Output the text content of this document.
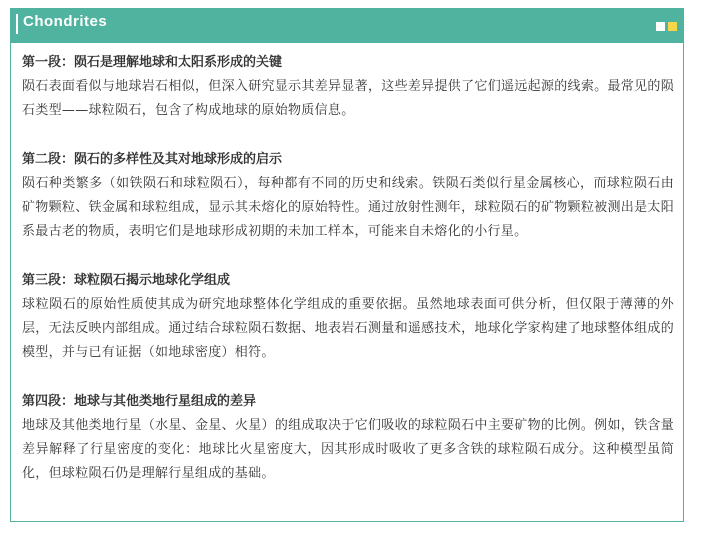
Chondrites

第一段：陨石是理解地球和太阳系形成的关键

陨石表面看似与地球岩石相似，但深入研究显示其差异显著，这些差异提供了它们遥远起源的线索。最常见的陨石类型——球粒陨石，包含了构成地球的原始物质信息。

第二段：陨石的多样性及其对地球形成的启示

陨石种类繁多（如铁陨石和球粒陨石），每种都有不同的历史和线索。铁陨石类似行星金属核心，而球粒陨石由矿物颗粒、铁金属和球粒组成，显示其未熔化的原始特性。通过放射性测年，球粒陨石的矿物颗粒被测出是太阳系最古老的物质，表明它们是地球形成初期的未加工样本，可能来自未熔化的小行星。

第三段：球粒陨石揭示地球化学组成

球粒陨石的原始性质使其成为研究地球整体化学组成的重要依据。虽然地球表面可供分析，但仅限于薄薄的外层，无法反映内部组成。通过结合球粒陨石数据、地表岩石测量和遥感技术，地球化学家构建了地球整体组成的模型，并与已有证据（如地球密度）相符。

第四段：地球与其他类地行星组成的差异

地球及其他类地行星（水星、金星、火星）的组成取决于它们吸收的球粒陨石中主要矿物的比例。例如，铁含量差异解释了行星密度的变化：地球比火星密度大，因其形成时吸收了更多含铁的球粒陨石成分。这种模型虽简化，但球粒陨石仍是理解行星组成的基础。
